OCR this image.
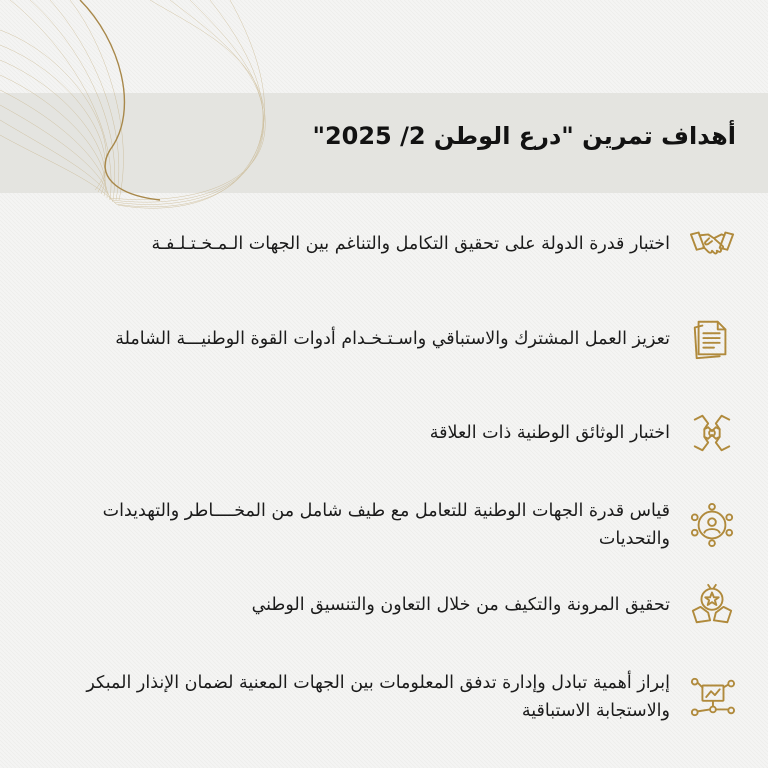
أهداف تمرين "درع الوطن 2/ 2025"
اختبار قدرة الدولة على تحقيق التكامل والتناغم بين الجهات الـمـخـتـلـفـة
تعزيز العمل المشترك والاستباقي واسـتـخـدام أدوات القوة الوطنيـــة الشاملة
اختبار الوثائق الوطنية ذات العلاقة
قياس قدرة الجهات الوطنية للتعامل مع طيف شامل من المخــــاطر والتهديدات والتحديات
تحقيق المرونة والتكيف من خلال التعاون والتنسيق الوطني
إبراز أهمية تبادل وإدارة تدفق المعلومات بين الجهات المعنية لضمان الإنذار المبكر والاستجابة الاستباقية
